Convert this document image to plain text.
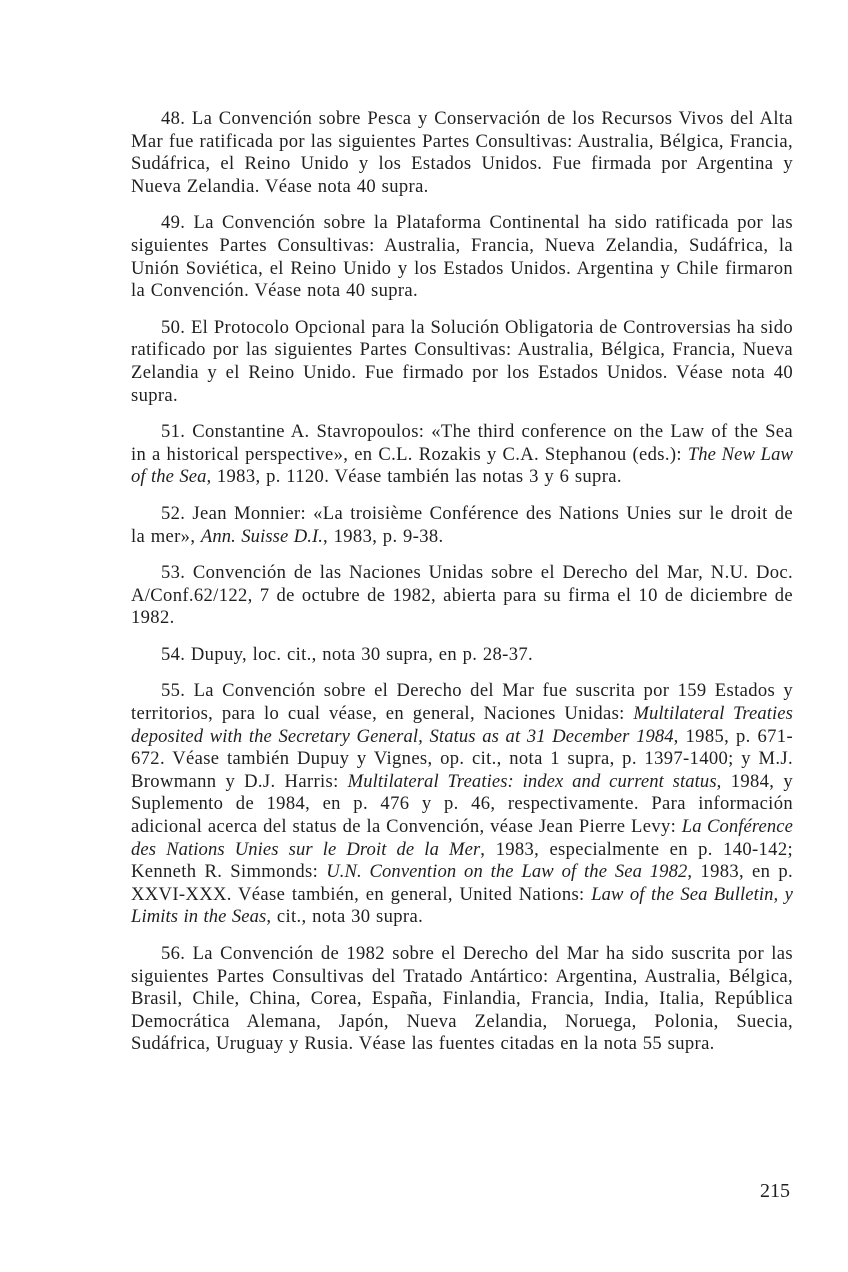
48. La Convención sobre Pesca y Conservación de los Recursos Vivos del Alta Mar fue ratificada por las siguientes Partes Consultivas: Australia, Bélgica, Francia, Sudáfrica, el Reino Unido y los Estados Unidos. Fue firmada por Argentina y Nueva Zelandia. Véase nota 40 supra.

49. La Convención sobre la Plataforma Continental ha sido ratificada por las siguientes Partes Consultivas: Australia, Francia, Nueva Zelandia, Sudáfrica, la Unión Soviética, el Reino Unido y los Estados Unidos. Argentina y Chile firmaron la Convención. Véase nota 40 supra.

50. El Protocolo Opcional para la Solución Obligatoria de Controversias ha sido ratificado por las siguientes Partes Consultivas: Australia, Bélgica, Francia, Nueva Zelandia y el Reino Unido. Fue firmado por los Estados Unidos. Véase nota 40 supra.

51. Constantine A. Stavropoulos: «The third conference on the Law of the Sea in a historical perspective», en C.L. Rozakis y C.A. Stephanou (eds.): The New Law of the Sea, 1983, p. 1120. Véase también las notas 3 y 6 supra.

52. Jean Monnier: «La troisième Conférence des Nations Unies sur le droit de la mer», Ann. Suisse D.I., 1983, p. 9-38.

53. Convención de las Naciones Unidas sobre el Derecho del Mar, N.U. Doc. A/Conf.62/122, 7 de octubre de 1982, abierta para su firma el 10 de diciembre de 1982.

54. Dupuy, loc. cit., nota 30 supra, en p. 28-37.

55. La Convención sobre el Derecho del Mar fue suscrita por 159 Estados y territorios, para lo cual véase, en general, Naciones Unidas: Multilateral Treaties deposited with the Secretary General, Status as at 31 December 1984, 1985, p. 671-672. Véase también Dupuy y Vignes, op. cit., nota 1 supra, p. 1397-1400; y M.J. Browmann y D.J. Harris: Multilateral Treaties: index and current status, 1984, y Suplemento de 1984, en p. 476 y p. 46, respectivamente. Para información adicional acerca del status de la Convención, véase Jean Pierre Levy: La Conférence des Nations Unies sur le Droit de la Mer, 1983, especialmente en p. 140-142; Kenneth R. Simmonds: U.N. Convention on the Law of the Sea 1982, 1983, en p. XXVI-XXX. Véase también, en general, United Nations: Law of the Sea Bulletin, y Limits in the Seas, cit., nota 30 supra.

56. La Convención de 1982 sobre el Derecho del Mar ha sido suscrita por las siguientes Partes Consultivas del Tratado Antártico: Argentina, Australia, Bélgica, Brasil, Chile, China, Corea, España, Finlandia, Francia, India, Italia, República Democrática Alemana, Japón, Nueva Zelandia, Noruega, Polonia, Suecia, Sudáfrica, Uruguay y Rusia. Véase las fuentes citadas en la nota 55 supra.

215
